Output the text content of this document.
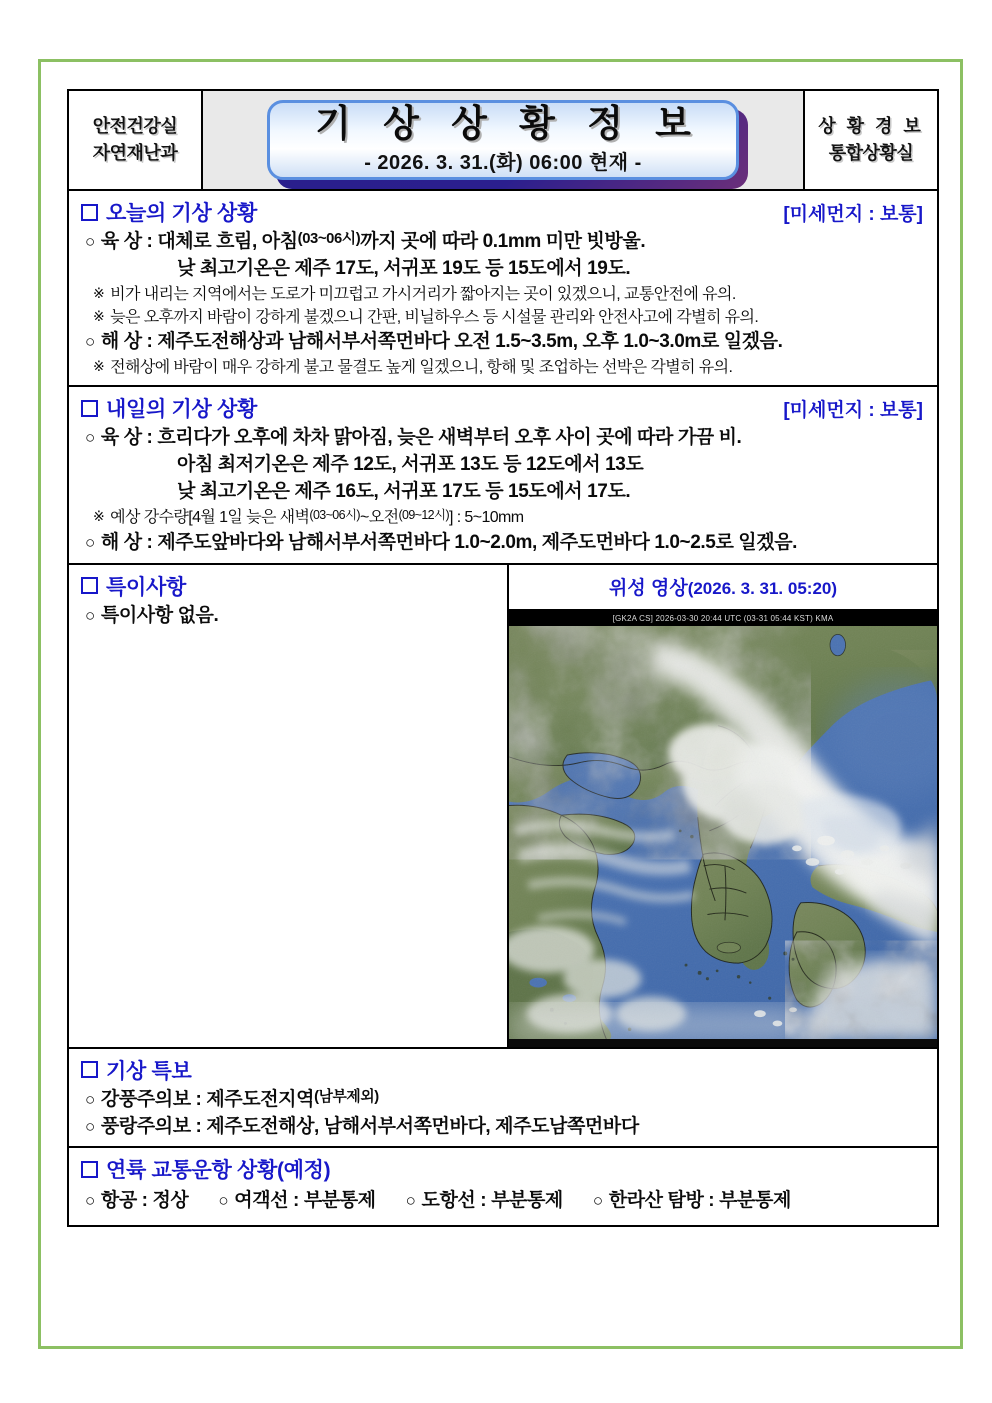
안전건강실
자연재난과
기 상 상 황 정 보
- 2026. 3. 31.(화) 06:00 현재 -
상 황 경 보
통합상황실
오늘의 기상 상황	[미세먼지 : 보통]
○ 육 상 : 대체로 흐림, 아침 (03~06시) 까지 곳에 따라 0.1mm 미만 빗방울.
낮 최고기온은 제주 17도, 서귀포 19도 등 15도에서 19도.
※ 비가 내리는 지역에서는 도로가 미끄럽고 가시거리가 짧아지는 곳이 있겠으니, 교통안전에 유의.
※ 늦은 오후까지 바람이 강하게 불겠으니 간판, 비닐하우스 등 시설물 관리와 안전사고에 각별히 유의.
○ 해 상 : 제주도전해상과 남해서부서쪽먼바다 오전 1.5~3.5m, 오후 1.0~3.0m로 일겠음.
※ 전해상에 바람이 매우 강하게 불고 물결도 높게 일겠으니, 항해 및 조업하는 선박은 각별히 유의.
내일의 기상 상황	[미세먼지 : 보통]
○ 육 상 : 흐리다가 오후에 차차 맑아짐, 늦은 새벽부터 오후 사이 곳에 따라 가끔 비.
아침 최저기온은 제주 12도, 서귀포 13도 등 12도에서 13도
낮 최고기온은 제주 16도, 서귀포 17도 등 15도에서 17도.
※ 예상 강수량[4월 1일 늦은 새벽 (03~06시) ~오전 (09~12시) ] : 5~10mm
○ 해 상 : 제주도앞바다와 남해서부서쪽먼바다 1.0~2.0m, 제주도먼바다 1.0~2.5로 일겠음.
특이사항
○ 특이사항 없음.
위성 영상(2026. 3. 31. 05:20)
[GK2A CS] 2026-03-30 20:44 UTC (03-31 05:44 KST) KMA
기상 특보
○ 강풍주의보 : 제주도전지역 (남부제외)
○ 풍랑주의보 : 제주도전해상, 남해서부서쪽먼바다, 제주도남쪽먼바다
연륙 교통운항 상황(예정)
○ 항공 : 정상 ○ 여객선 : 부분통제 ○ 도항선 : 부분통제 ○ 한라산 탐방 : 부분통제
